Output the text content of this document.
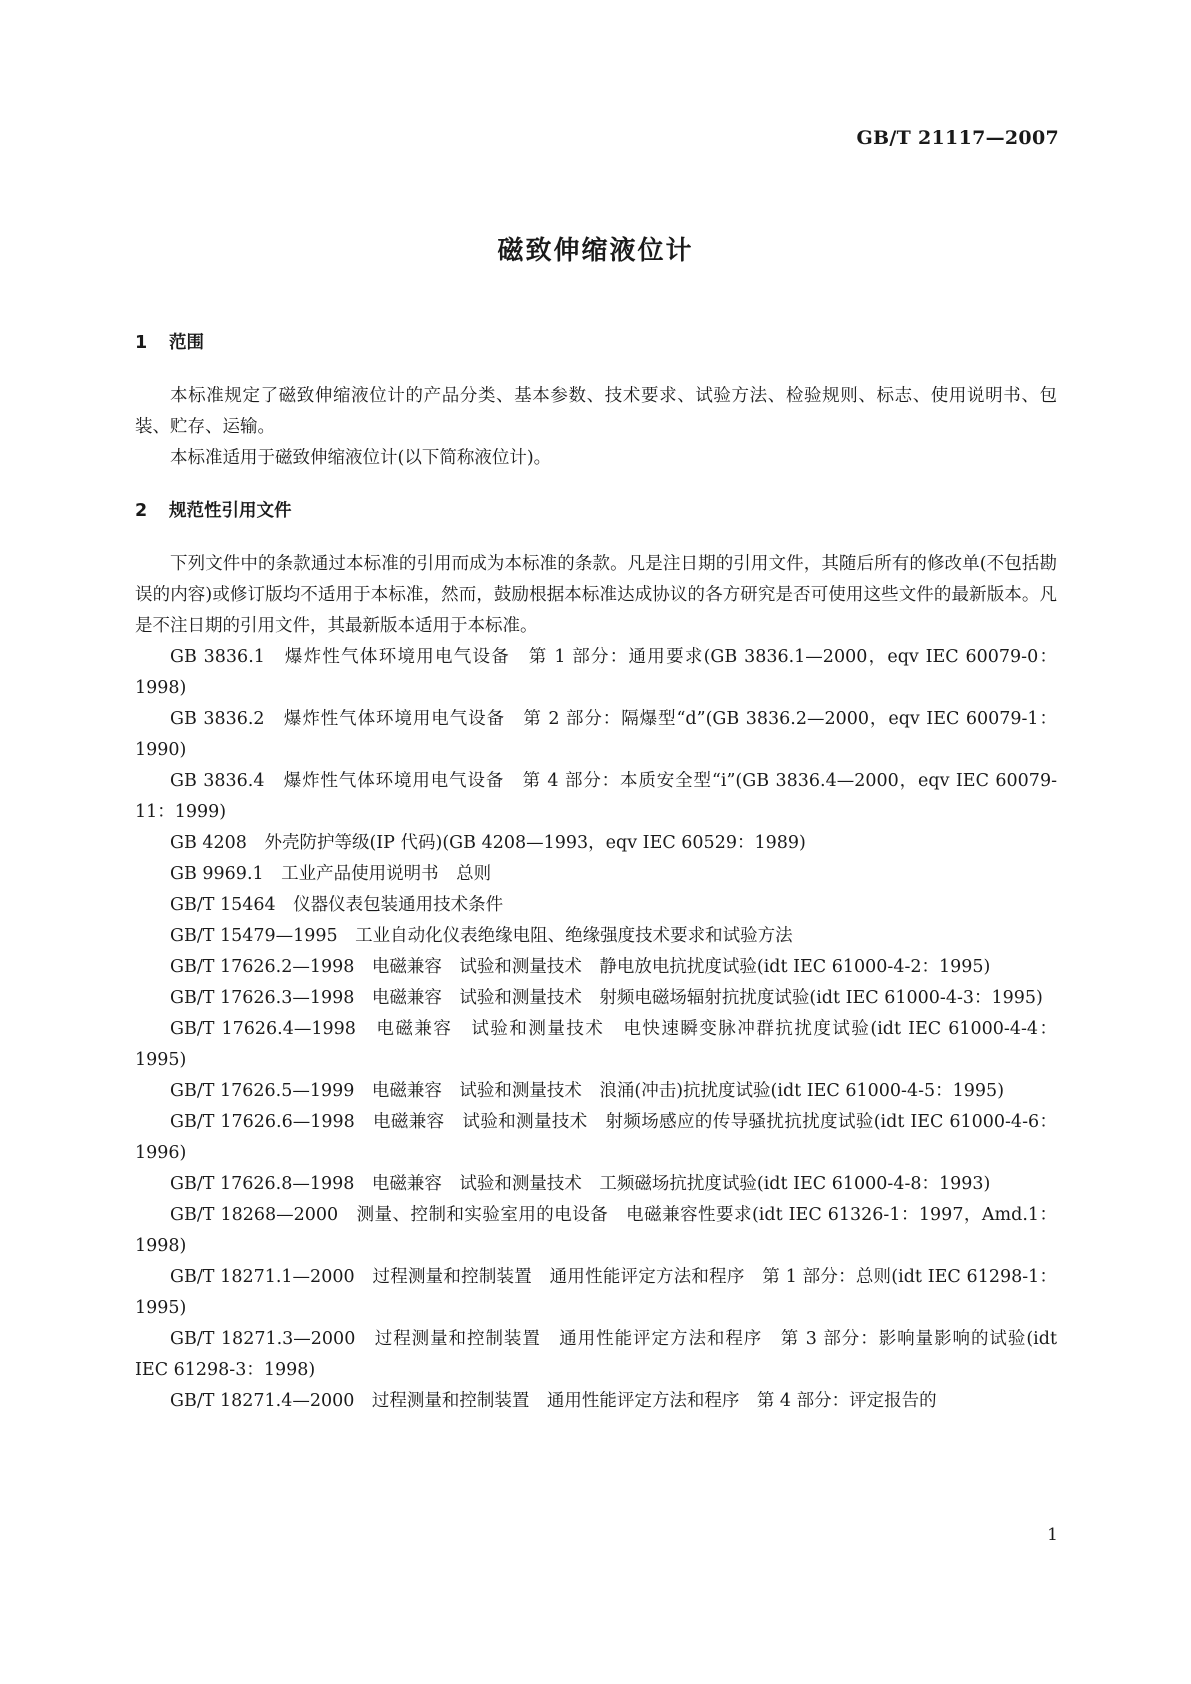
GB/T 21117—2007
磁致伸缩液位计
1 范围

本标准规定了磁致伸缩液位计的产品分类、基本参数、技术要求、试验方法、检验规则、标志、使用说明书、包装、贮存、运输。

本标准适用于磁致伸缩液位计(以下简称液位计)。

2 规范性引用文件

下列文件中的条款通过本标准的引用而成为本标准的条款。凡是注日期的引用文件，其随后所有的修改单(不包括勘误的内容)或修订版均不适用于本标准，然而，鼓励根据本标准达成协议的各方研究是否可使用这些文件的最新版本。凡是不注日期的引用文件，其最新版本适用于本标准。

GB 3836.1　爆炸性气体环境用电气设备　第 1 部分：通用要求(GB 3836.1—2000，eqv IEC 60079-0：1998)

GB 3836.2　爆炸性气体环境用电气设备　第 2 部分：隔爆型“d”(GB 3836.2—2000，eqv IEC 60079-1：1990)

GB 3836.4　爆炸性气体环境用电气设备　第 4 部分：本质安全型“i”(GB 3836.4—2000，eqv IEC 60079-11：1999)

GB 4208　外壳防护等级(IP 代码)(GB 4208—1993，eqv IEC 60529：1989)

GB 9969.1　工业产品使用说明书　总则

GB/T 15464　仪器仪表包装通用技术条件

GB/T 15479—1995　工业自动化仪表绝缘电阻、绝缘强度技术要求和试验方法

GB/T 17626.2—1998　电磁兼容　试验和测量技术　静电放电抗扰度试验(idt IEC 61000-4-2：1995)

GB/T 17626.3—1998　电磁兼容　试验和测量技术　射频电磁场辐射抗扰度试验(idt IEC 61000-4-3：1995)

GB/T 17626.4—1998　电磁兼容　试验和测量技术　电快速瞬变脉冲群抗扰度试验(idt IEC 61000-4-4：1995)

GB/T 17626.5—1999　电磁兼容　试验和测量技术　浪涌(冲击)抗扰度试验(idt IEC 61000-4-5：1995)

GB/T 17626.6—1998　电磁兼容　试验和测量技术　射频场感应的传导骚扰抗扰度试验(idt IEC 61000-4-6：1996)

GB/T 17626.8—1998　电磁兼容　试验和测量技术　工频磁场抗扰度试验(idt IEC 61000-4-8：1993)

GB/T 18268—2000　测量、控制和实验室用的电设备　电磁兼容性要求(idt IEC 61326-1：1997，Amd.1：1998)

GB/T 18271.1—2000　过程测量和控制装置　通用性能评定方法和程序　第 1 部分：总则(idt IEC 61298-1：1995)

GB/T 18271.3—2000　过程测量和控制装置　通用性能评定方法和程序　第 3 部分：影响量影响的试验(idt IEC 61298-3：1998)

GB/T 18271.4—2000　过程测量和控制装置　通用性能评定方法和程序　第 4 部分：评定报告的

1
